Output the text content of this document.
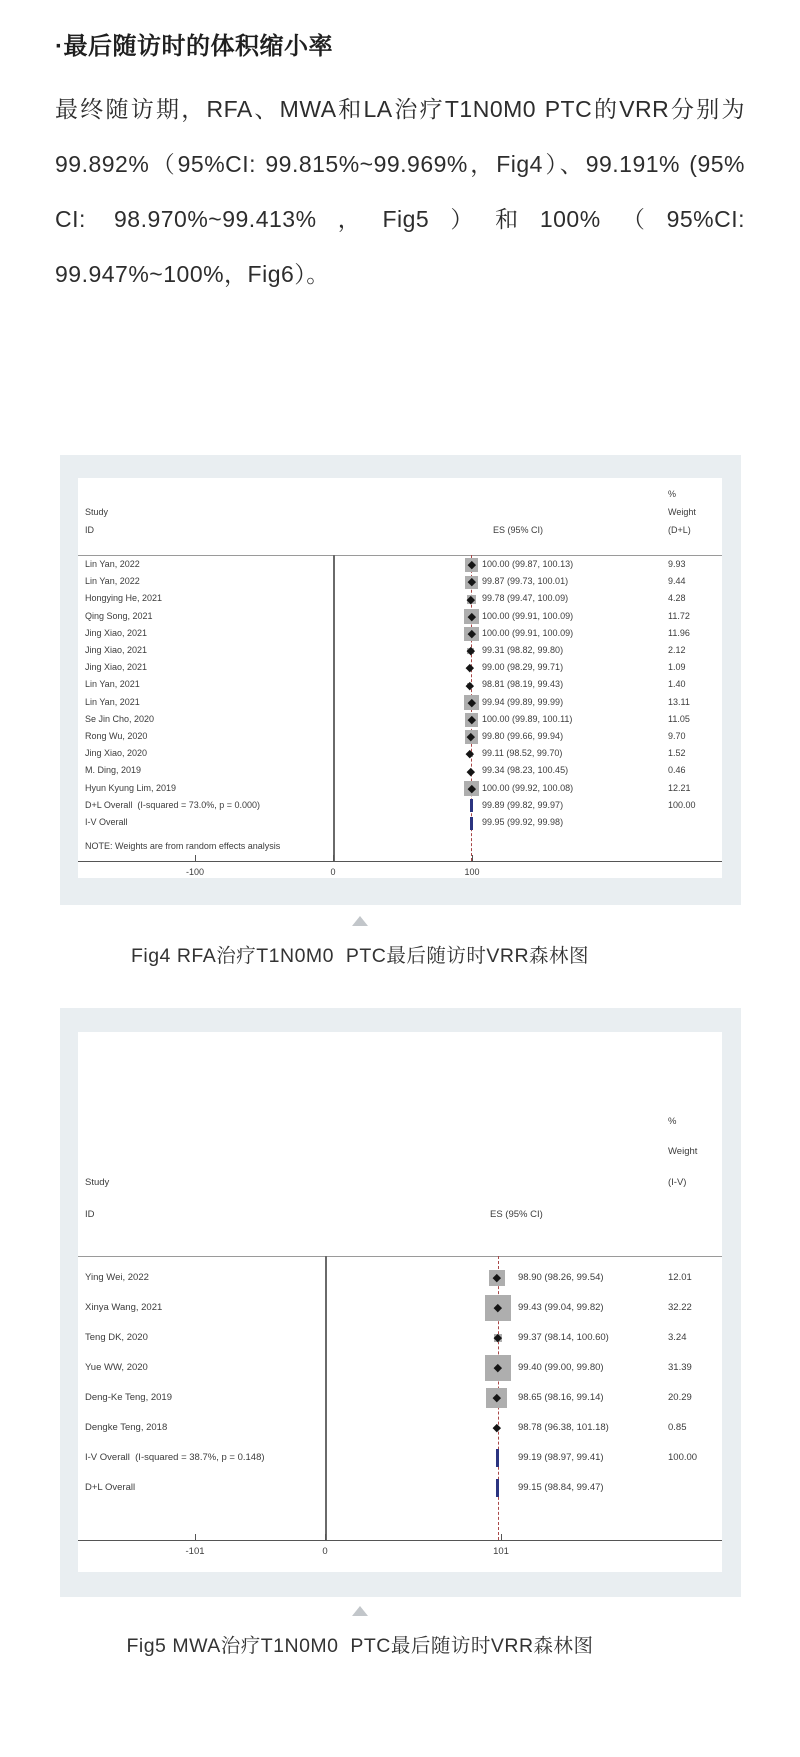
·最后随访时的体积缩小率

最终随访期，RFA、MWA和LA治疗T1N0M0 PTC的VRR分别为99.892%（95%CI: 99.815%~99.969%，Fig4）、99.191% (95% CI: 98.970%~99.413%，Fig5）和100%（95%CI: 99.947%~100%，Fig6）。

Study
ID	ES (95% CI)
%
Weight
(D+L)
Lin Yan, 2022	100.00 (99.87, 100.13)	9.93
Lin Yan, 2022	99.87 (99.73, 100.01)	9.44
Hongying He, 2021	99.78 (99.47, 100.09)	4.28
Qing Song, 2021	100.00 (99.91, 100.09)	11.72
Jing Xiao, 2021	100.00 (99.91, 100.09)	11.96
Jing Xiao, 2021	99.31 (98.82, 99.80)	2.12
Jing Xiao, 2021	99.00 (98.29, 99.71)	1.09
Lin Yan, 2021	98.81 (98.19, 99.43)	1.40
Lin Yan, 2021	99.94 (99.89, 99.99)	13.11
Se Jin Cho, 2020	100.00 (99.89, 100.11)	11.05
Rong Wu, 2020	99.80 (99.66, 99.94)	9.70
Jing Xiao, 2020	99.11 (98.52, 99.70)	1.52
M. Ding, 2019	99.34 (98.23, 100.45)	0.46
Hyun Kyung Lim, 2019	100.00 (99.92, 100.08)	12.21
D+L Overall  (I-squared = 73.0%, p = 0.000)	99.89 (99.82, 99.97)	100.00
I-V Overall	99.95 (99.92, 99.98)
NOTE: Weights are from random effects analysis
-100	0	100
Fig4 RFA治疗T1N0M0  PTC最后随访时VRR森林图
Study
ID	ES (95% CI)
%
Weight
(I-V)
Ying Wei, 2022	98.90 (98.26, 99.54)	12.01
Xinya Wang, 2021	99.43 (99.04, 99.82)	32.22
Teng DK, 2020	99.37 (98.14, 100.60)	3.24
Yue WW, 2020	99.40 (99.00, 99.80)	31.39
Deng-Ke Teng, 2019	98.65 (98.16, 99.14)	20.29
Dengke Teng, 2018	98.78 (96.38, 101.18)	0.85
I-V Overall  (I-squared = 38.7%, p = 0.148)	99.19 (98.97, 99.41)	100.00
D+L Overall	99.15 (98.84, 99.47)
-101	0	101
Fig5 MWA治疗T1N0M0  PTC最后随访时VRR森林图
